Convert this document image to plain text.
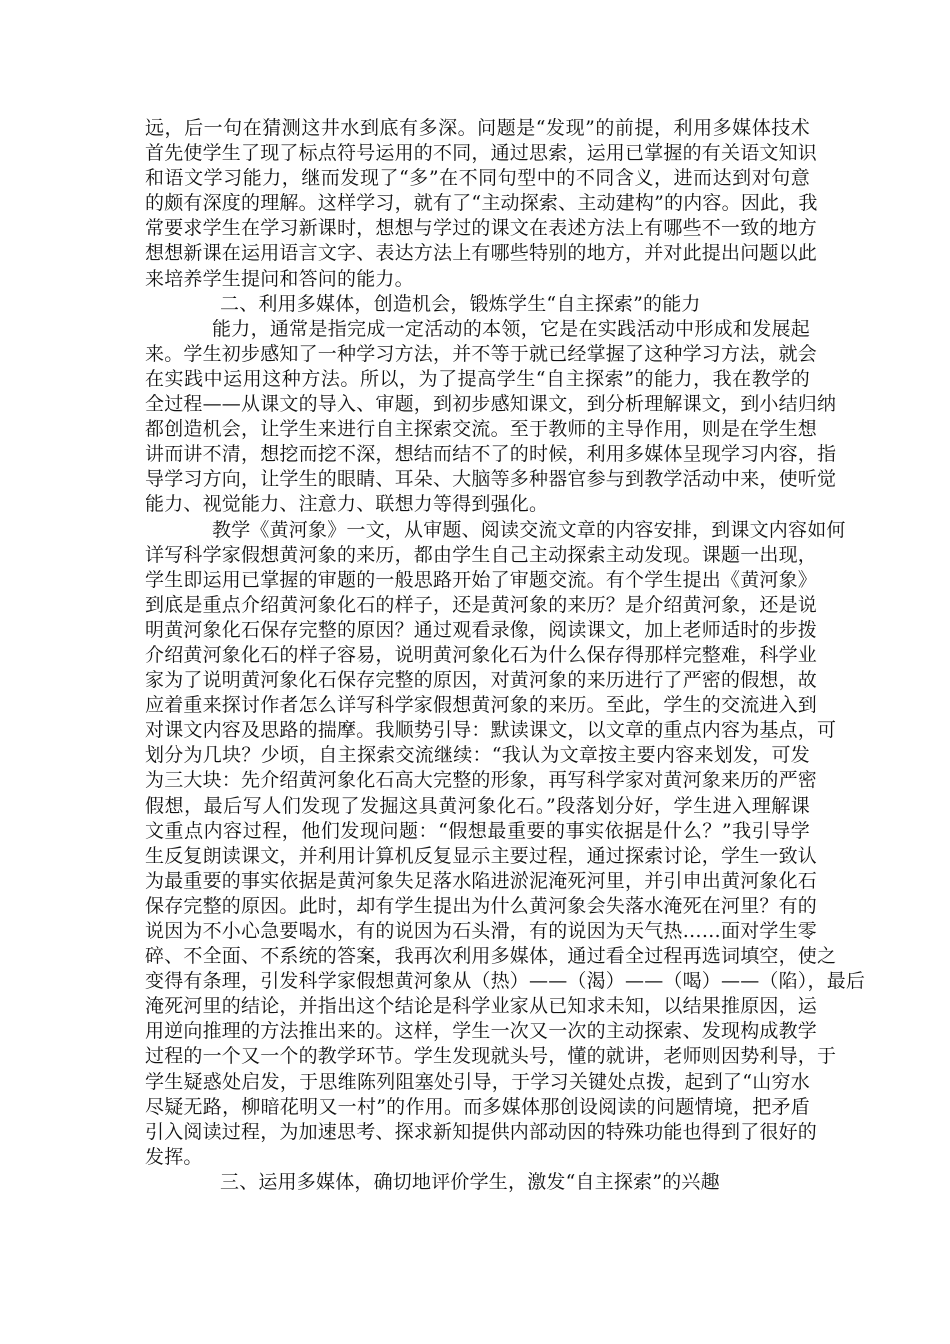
远，后一句在猜测这井水到底有多深。问题是“发现”的前提，利用多媒体技术
首先使学生了现了标点符号运用的不同，通过思索，运用已掌握的有关语文知识
和语文学习能力，继而发现了“多”在不同句型中的不同含义，进而达到对句意
的颇有深度的理解。这样学习，就有了“主动探索、主动建构”的内容。因此，我
常要求学生在学习新课时，想想与学过的课文在表述方法上有哪些不一致的地方
想想新课在运用语言文字、表达方法上有哪些特别的地方，并对此提出问题以此
来培养学生提问和答问的能力。
二、利用多媒体，创造机会，锻炼学生“自主探索”的能力
能力，通常是指完成一定活动的本领，它是在实践活动中形成和发展起
来。学生初步感知了一种学习方法，并不等于就已经掌握了这种学习方法，就会
在实践中运用这种方法。所以，为了提高学生“自主探索”的能力，我在教学的
全过程——从课文的导入、审题，到初步感知课文，到分析理解课文，到小结归纳
都创造机会，让学生来进行自主探索交流。至于教师的主导作用，则是在学生想
讲而讲不清，想挖而挖不深，想结而结不了的时候，利用多媒体呈现学习内容，指
导学习方向，让学生的眼睛、耳朵、大脑等多种器官参与到教学活动中来，使听觉
能力、视觉能力、注意力、联想力等得到强化。
教学《黄河象》一文，从审题、阅读交流文章的内容安排，到课文内容如何
详写科学家假想黄河象的来历，都由学生自己主动探索主动发现。课题一出现，
学生即运用已掌握的审题的一般思路开始了审题交流。有个学生提出《黄河象》
到底是重点介绍黄河象化石的样子，还是黄河象的来历？是介绍黄河象，还是说
明黄河象化石保存完整的原因？通过观看录像，阅读课文，加上老师适时的步拨
介绍黄河象化石的样子容易，说明黄河象化石为什么保存得那样完整难，科学业
家为了说明黄河象化石保存完整的原因，对黄河象的来历进行了严密的假想，故
应着重来探讨作者怎么详写科学家假想黄河象的来历。至此，学生的交流进入到
对课文内容及思路的揣摩。我顺势引导：默读课文，以文章的重点内容为基点，可
划分为几块？少顷，自主探索交流继续：“我认为文章按主要内容来划发，可发
为三大块：先介绍黄河象化石高大完整的形象，再写科学家对黄河象来历的严密
假想，最后写人们发现了发掘这具黄河象化石。”段落划分好，学生进入理解课
文重点内容过程，他们发现问题：“假想最重要的事实依据是什么？”我引导学
生反复朗读课文，并利用计算机反复显示主要过程，通过探索讨论，学生一致认
为最重要的事实依据是黄河象失足落水陷进淤泥淹死河里，并引申出黄河象化石
保存完整的原因。此时，却有学生提出为什么黄河象会失落水淹死在河里？有的
说因为不小心急要喝水，有的说因为石头滑，有的说因为天气热……面对学生零
碎、不全面、不系统的答案，我再次利用多媒体，通过看全过程再选词填空，使之
变得有条理，引发科学家假想黄河象从（热）——（渴）——（喝）——（陷），最后
淹死河里的结论，并指出这个结论是科学业家从已知求未知，以结果推原因，运
用逆向推理的方法推出来的。这样，学生一次又一次的主动探索、发现构成教学
过程的一个又一个的教学环节。学生发现就头号，懂的就讲，老师则因势利导，于
学生疑惑处启发，于思维陈列阻塞处引导，于学习关键处点拨，起到了“山穷水
尽疑无路，柳暗花明又一村”的作用。而多媒体那创设阅读的问题情境，把矛盾
引入阅读过程，为加速思考、探求新知提供内部动因的特殊功能也得到了很好的
发挥。
三、运用多媒体，确切地评价学生，激发“自主探索”的兴趣
